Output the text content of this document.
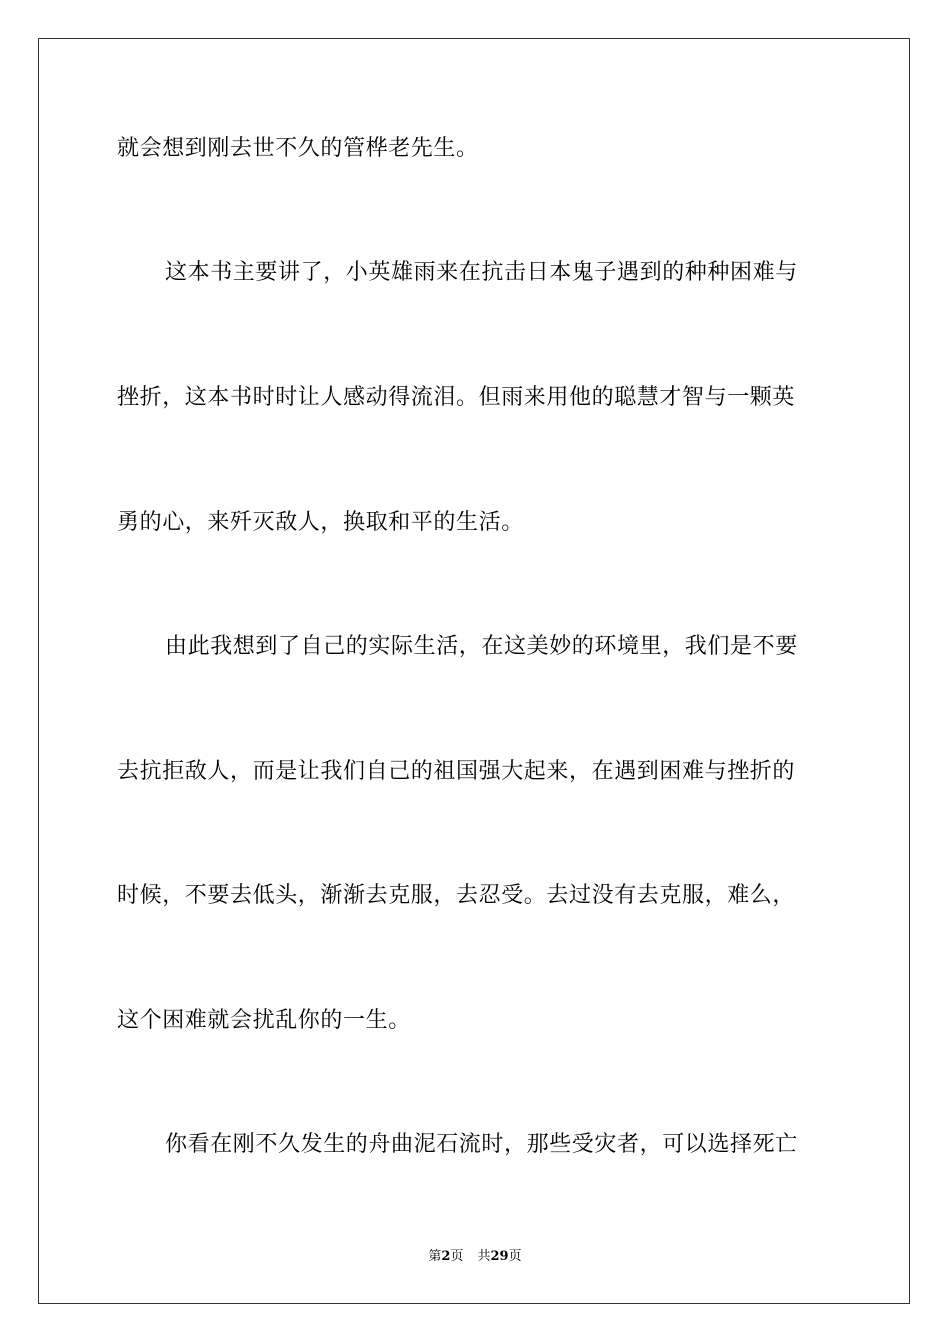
就会想到刚去世不久的管桦老先生。
这本书主要讲了，小英雄雨来在抗击日本鬼子遇到的种种困难与
挫折，这本书时时让人感动得流泪。但雨来用他的聪慧才智与一颗英
勇的心，来歼灭敌人，换取和平的生活。
由此我想到了自己的实际生活，在这美妙的环境里，我们是不要
去抗拒敌人，而是让我们自己的祖国强大起来，在遇到困难与挫折的
时候，不要去低头，渐渐去克服，去忍受。去过没有去克服，难么，
这个困难就会扰乱你的一生。
你看在刚不久发生的舟曲泥石流时，那些受灾者，可以选择死亡
第2页 共29页
